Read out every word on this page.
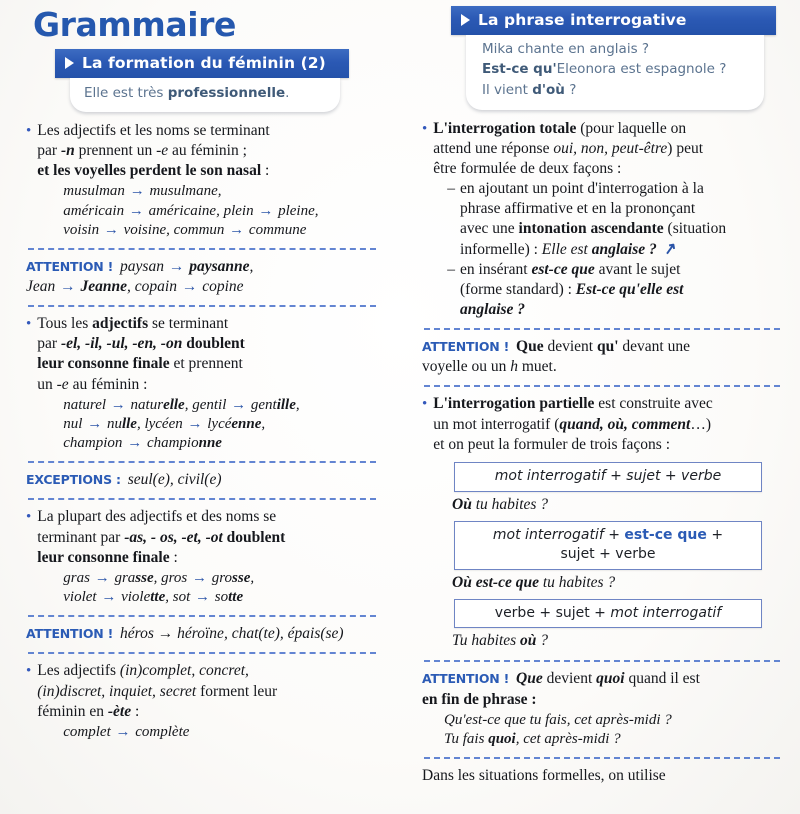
Grammaire
La formation du féminin (2)
Elle est très professionnelle.
• Les adjectifs et les noms se terminant
par -n prennent un -e au féminin ;
et les voyelles perdent le son nasal :
musulman → musulmane,
américain → américaine, plein → pleine,
voisin → voisine, commun → commune
ATTENTION ! paysan → paysanne,
Jean → Jeanne, copain → copine
• Tous les adjectifs se terminant
par -el, -il, -ul, -en, -on doublent
leur consonne finale et prennent
un -e au féminin :
naturel → naturelle, gentil → gentille,
nul → nulle, lycéen → lycéenne,
champion → championne
EXCEPTIONS : seul(e), civil(e)
• La plupart des adjectifs et des noms se
terminant par -as, - os, -et, -ot doublent
leur consonne finale :
gras → grasse, gros → grosse,
violet → violette, sot → sotte
ATTENTION ! héros → héroïne, chat(te), épais(se)
• Les adjectifs (in)complet, concret,
(in)discret, inquiet, secret forment leur
féminin en -ète :
complet → complète
La phrase interrogative
Mika chante en anglais ?
Est-ce qu'Eleonora est espagnole ?
Il vient d'où ?
• L'interrogation totale (pour laquelle on
attend une réponse oui, non, peut-être) peut
être formulée de deux façons :
– en ajoutant un point d'interrogation à la
phrase affirmative et en la prononçant
avec une intonation ascendante (situation
informelle) : Elle est anglaise ? ↗
– en insérant est-ce que avant le sujet
(forme standard) : Est-ce qu'elle est
anglaise ?
ATTENTION ! Que devient qu' devant une
voyelle ou un h muet.
• L'interrogation partielle est construite avec
un mot interrogatif (quand, où, comment…)
et on peut la formuler de trois façons :
mot interrogatif + sujet + verbe
Où tu habites ?
mot interrogatif + est-ce que +
sujet + verbe
Où est-ce que tu habites ?
verbe + sujet + mot interrogatif
Tu habites où ?
ATTENTION ! Que devient quoi quand il est
en fin de phrase :
Qu'est-ce que tu fais, cet après-midi ?
Tu fais quoi, cet après-midi ?
Dans les situations formelles, on utilise
